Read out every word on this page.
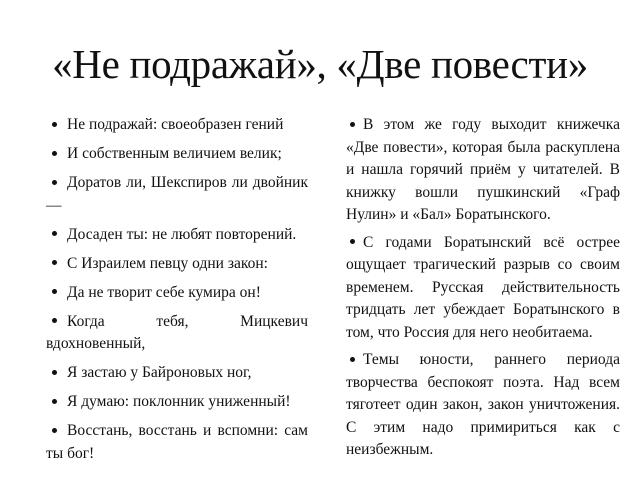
«Не подражай», «Две повести»

Не подражай: своеобразен гений

И собственным величием велик;

Доратов ли, Шекспиров ли двойник —

Досаден ты: не любят повторений.

С Израилем певцу одни закон:

Да не творит себе кумира он!

Когда тебя, Мицкевич вдохновенный,

Я застаю у Байроновых ног,

Я думаю: поклонник униженный!

Восстань, восстань и вспомни: сам ты бог!

В этом же году выходит книжечка «Две повести», которая была раскуплена и нашла горячий приём у читателей. В книжку вошли пушкинский «Граф Нулин» и «Бал» Боратынского.

С годами Боратынский всё острее ощущает трагический разрыв со своим временем. Русская действительность тридцать лет убеждает Боратынского в том, что Россия для него необитаема.

Темы юности, раннего периода творчества беспокоят поэта. Над всем тяготеет один закон, закон уничтожения. С этим надо примириться как с неизбежным.
